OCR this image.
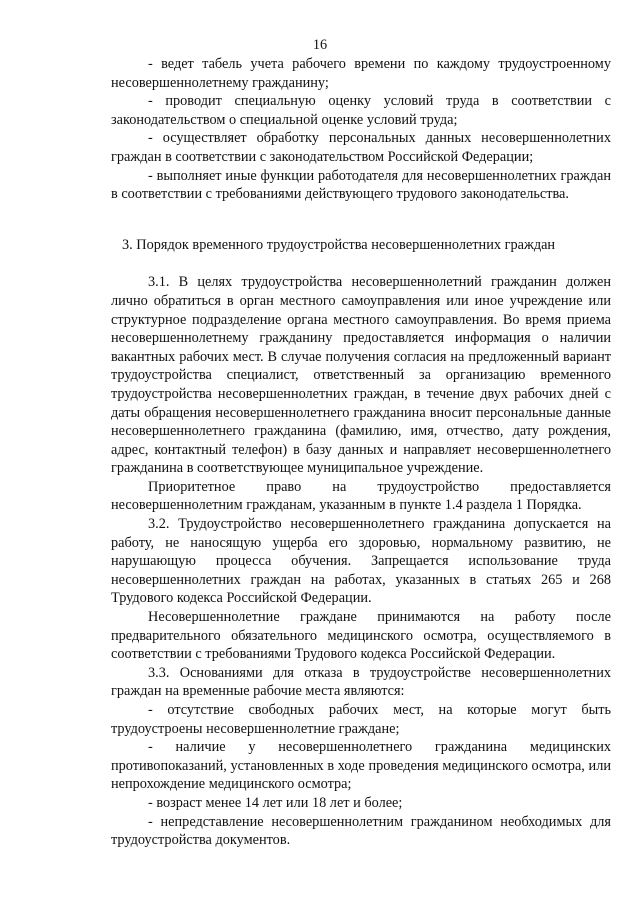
16

- ведет табель учета рабочего времени по каждому трудоустроенному несовершеннолетнему гражданину;

- проводит специальную оценку условий труда в соответствии с законодательством о специальной оценке условий труда;

- осуществляет обработку персональных данных несовершеннолетних граждан в соответствии с законодательством Российской Федерации;

- выполняет иные функции работодателя для несовершеннолетних граждан в соответствии с требованиями действующего трудового законодательства.

3. Порядок временного трудоустройства несовершеннолетних граждан

3.1. В целях трудоустройства несовершеннолетний гражданин должен лично обратиться в орган местного самоуправления или иное учреждение или структурное подразделение органа местного самоуправления. Во время приема несовершеннолетнему гражданину предоставляется информация о наличии вакантных рабочих мест. В случае получения согласия на предложенный вариант трудоустройства специалист, ответственный за организацию временного трудоустройства несовершеннолетних граждан, в течение двух рабочих дней с даты обращения несовершеннолетнего гражданина вносит персональные данные несовершеннолетнего гражданина (фамилию, имя, отчество, дату рождения, адрес, контактный телефон) в базу данных и направляет несовершеннолетнего гражданина в соответствующее муниципальное учреждение.

Приоритетное право на трудоустройство предоставляется несовершеннолетним гражданам, указанным в пункте 1.4 раздела 1 Порядка.

3.2. Трудоустройство несовершеннолетнего гражданина допускается на работу, не наносящую ущерба его здоровью, нормальному развитию, не нарушающую процесса обучения. Запрещается использование труда несовершеннолетних граждан на работах, указанных в статьях 265 и 268 Трудового кодекса Российской Федерации.

Несовершеннолетние граждане принимаются на работу после предварительного обязательного медицинского осмотра, осуществляемого в соответствии с требованиями Трудового кодекса Российской Федерации.

3.3. Основаниями для отказа в трудоустройстве несовершеннолетних граждан на временные рабочие места являются:

- отсутствие свободных рабочих мест, на которые могут быть трудоустроены несовершеннолетние граждане;

- наличие у несовершеннолетнего гражданина медицинских противопоказаний, установленных в ходе проведения медицинского осмотра, или непрохождение медицинского осмотра;

- возраст менее 14 лет или 18 лет и более;

- непредставление несовершеннолетним гражданином необходимых для трудоустройства документов.
